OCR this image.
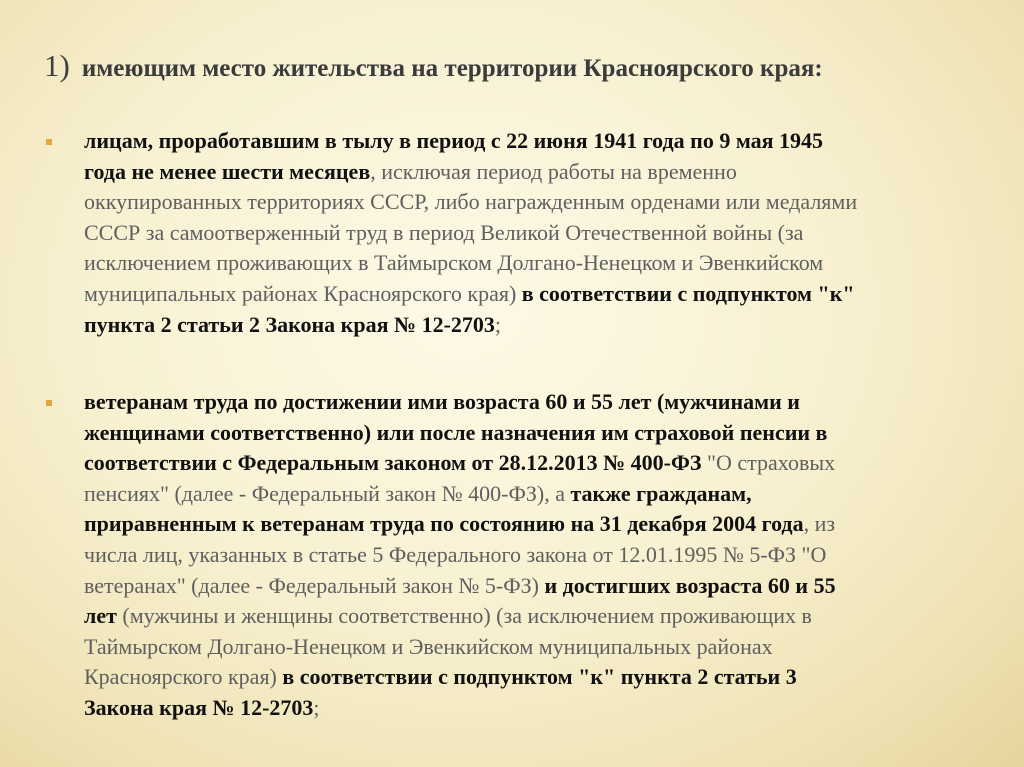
1) имеющим место жительства на территории Красноярского края:
лицам, проработавшим в тылу в период с 22 июня 1941 года по 9 мая 1945
года не менее шести месяцев, исключая период работы на временно
оккупированных территориях СССР, либо награжденным орденами или медалями
СССР за самоотверженный труд в период Великой Отечественной войны (за
исключением проживающих в Таймырском Долгано-Ненецком и Эвенкийском
муниципальных районах Красноярского края) в соответствии с подпунктом "к"
пункта 2 статьи 2 Закона края № 12-2703;
ветеранам труда по достижении ими возраста 60 и 55 лет (мужчинами и
женщинами соответственно) или после назначения им страховой пенсии в
соответствии с Федеральным законом от 28.12.2013 № 400-ФЗ "О страховых
пенсиях" (далее - Федеральный закон № 400-ФЗ), а также гражданам,
приравненным к ветеранам труда по состоянию на 31 декабря 2004 года, из
числа лиц, указанных в статье 5 Федерального закона от 12.01.1995 № 5-ФЗ "О
ветеранах" (далее - Федеральный закон № 5-ФЗ) и достигших возраста 60 и 55
лет (мужчины и женщины соответственно) (за исключением проживающих в
Таймырском Долгано-Ненецком и Эвенкийском муниципальных районах
Красноярского края) в соответствии с подпунктом "к" пункта 2 статьи 3
Закона края № 12-2703;
